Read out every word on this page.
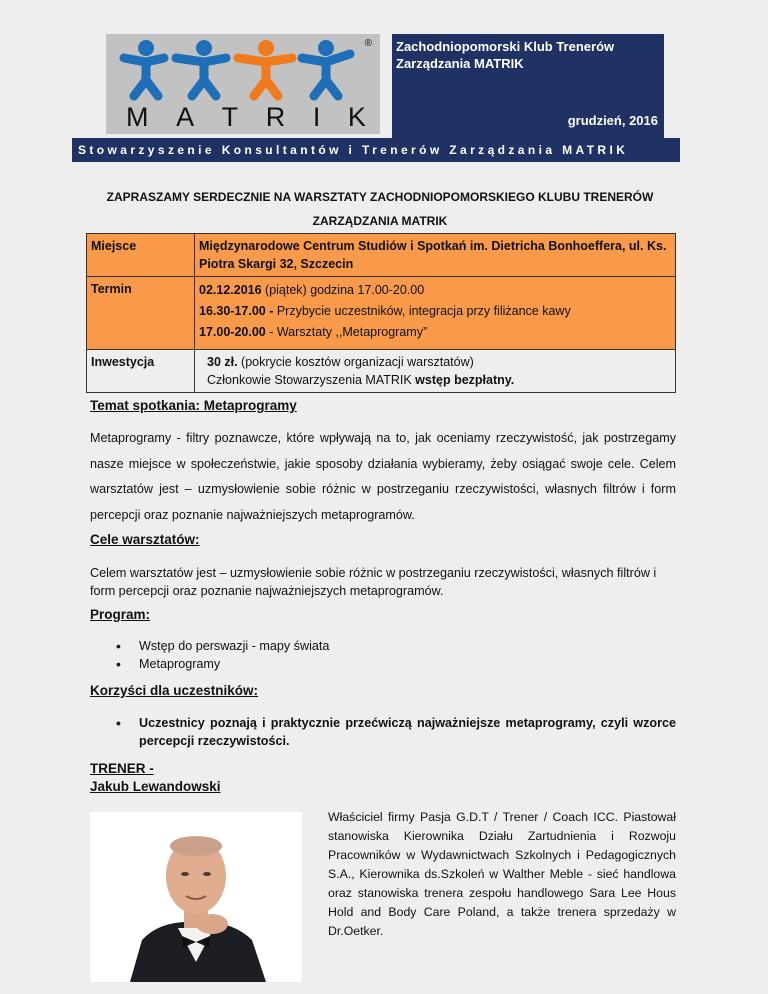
®
M A T R I K
Zachodniopomorski Klub Trenerów Zarządzania MATRIK
grudzień, 2016
Stowarzyszenie Konsultantów i Trenerów Zarządzania MATRIK
ZAPRASZAMY SERDECZNIE NA WARSZTATY ZACHODNIOPOMORSKIEGO KLUBU TRENERÓW ZARZĄDZANIA MATRIK
Miejsce	Międzynarodowe Centrum Studiów i Spotkań im. Dietricha Bonhoeffera, ul. Ks. Piotra Skargi 32, Szczecin
Termin	02.12.2016 (piątek) godzina 17.00-20.00
16.30-17.00 - Przybycie uczestników, integracja przy filiżance kawy
17.00-20.00 - Warsztaty ,,Metaprogramy”

Inwestycja	30 zł. (pokrycie kosztów organizacji warsztatów)
Członkowie Stowarzyszenia MATRIK wstęp bezpłatny.
Temat spotkania: Metaprogramy
Metaprogramy - filtry poznawcze, które wpływają na to, jak oceniamy rzeczywistość, jak postrzegamy nasze miejsce w społeczeństwie, jakie sposoby działania wybieramy, żeby osiągać swoje cele. Celem warsztatów jest – uzmysłowienie sobie różnic w postrzeganiu rzeczywistości, własnych filtrów i form percepcji oraz poznanie najważniejszych metaprogramów.
Cele warsztatów:
Celem warsztatów jest – uzmysłowienie sobie różnic w postrzeganiu rzeczywistości, własnych filtrów i form percepcji oraz poznanie najważniejszych metaprogramów.
Program:
• Wstęp do perswazji - mapy świata
• Metaprogramy
Korzyści dla uczestników:
• Uczestnicy poznają i praktycznie przećwiczą najważniejsze metaprogramy, czyli wzorce percepcji rzeczywistości.
TRENER -
Jakub Lewandowski
Właściciel firmy Pasja G.D.T / Trener / Coach ICC. Piastował stanowiska Kierownika Działu Zartudnienia i Rozwoju Pracowników w Wydawnictwach Szkolnych i Pedagogicznych S.A., Kierownika ds.Szkoleń w Walther Meble - sieć handlowa oraz stanowiska trenera zespołu handlowego Sara Lee Hous Hold and Body Care Poland, a także trenera sprzedaży w Dr.Oetker.
